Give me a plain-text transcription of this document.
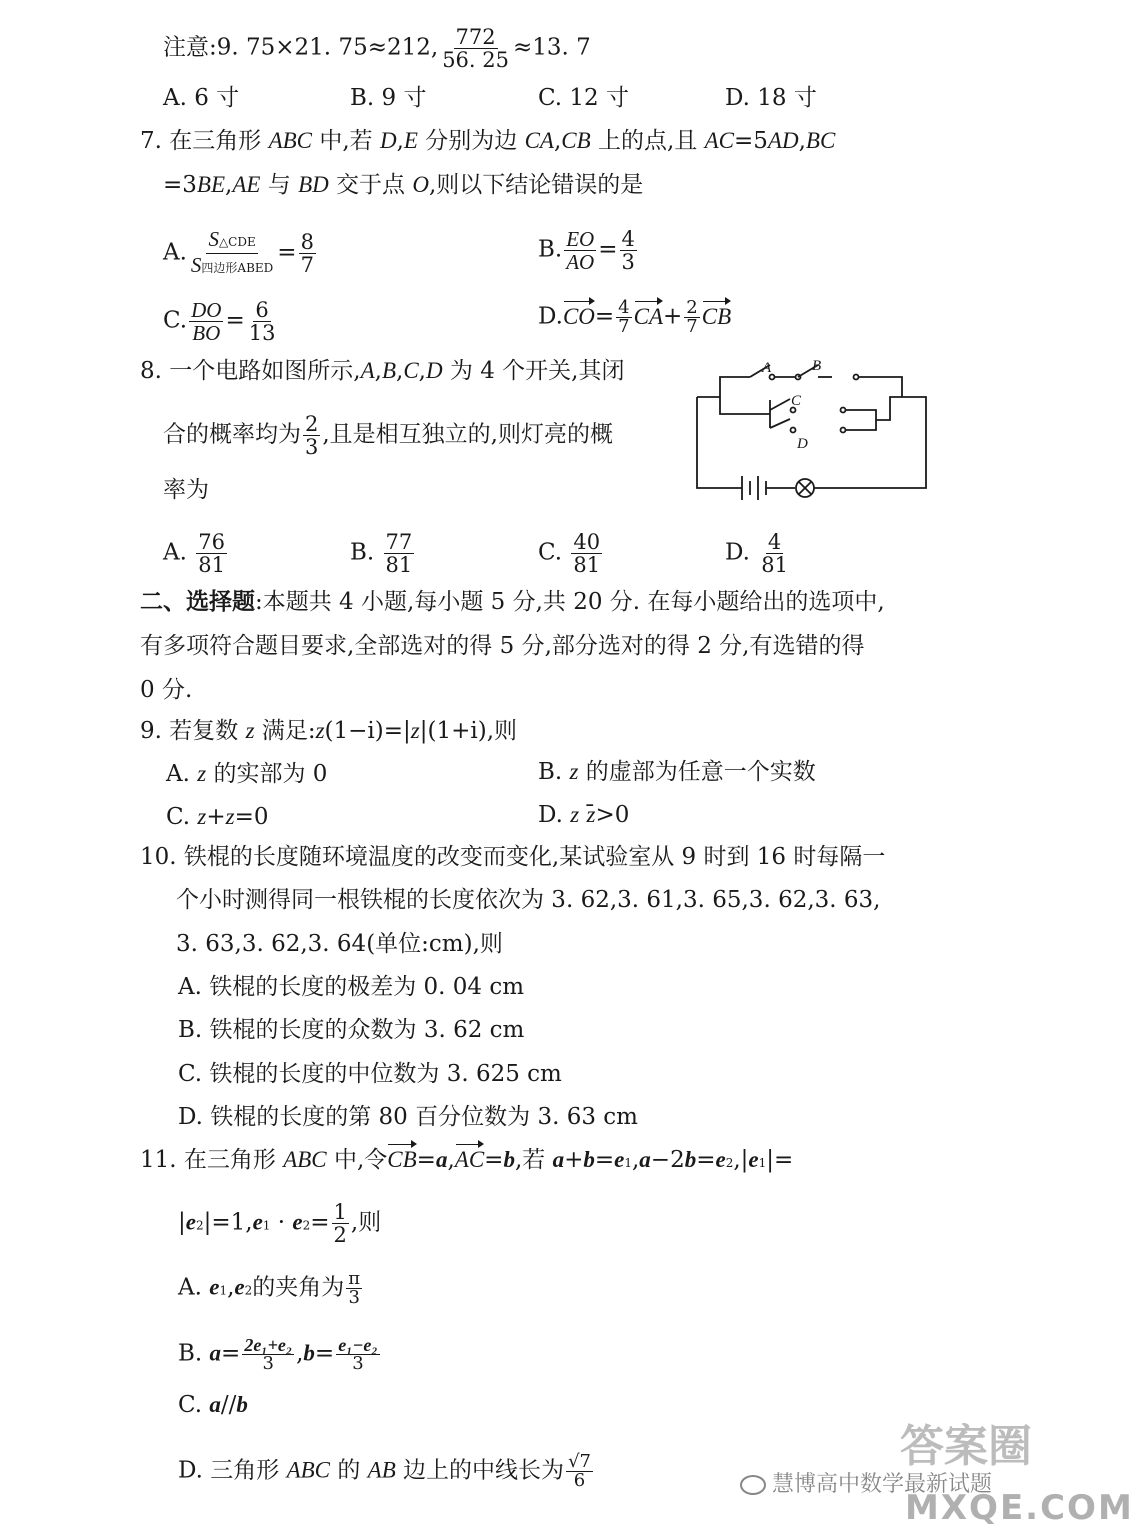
注意:9. 75×21. 75≈212, $\frac{772}{56. 25} \approx 13$. 7
A. 6 寸	B. 9 寸	C. 12 寸	D. 18 寸
7. 在三角形 ABC 中,若 D,E 分别为边 CA,CB 上的点,且 AC=5AD,BC
=3BE,AE 与 BD 交于点 O,则以下结论错误的是
A.
S△CDE
S四边形ABED
= $\frac{8}{7}$	B. $\frac{EO}{AO} = \frac{4}{3}$
C. $\frac{DO}{BO} = \frac{6}{13}$	$D.CO= \frac{4}{7} CA+ \frac{2}{7}$ CB
8. 一个电路如图所示,A,B,C,D 为 4 个开关,其闭
合的概率均为 $\frac{2}{3}$ ,且是相互独立的,则灯亮的概
率为
A	B
C
D
A. $\frac{76}{81}$	B. $\frac{77}{81}$	C. $\frac{40}{81}$	D. $\frac{4}{81}$
二、选择题:本题共 4 小题,每小题 5 分,共 20 分. 在每小题给出的选项中,
有多项符合题目要求,全部选对的得 5 分,部分选对的得 2 分,有选错的得
0 分.
9. 若复数 z 满足:z(1−i)=|z|(1+i),则
A. z 的实部为 0	B. z 的虚部为任意一个实数
C. z+z=0	D. z z>0
10. 铁棍的长度随环境温度的改变而变化,某试验室从 9 时到 16 时每隔一
个小时测得同一根铁棍的长度依次为 3. 62,3. 61,3. 65,3. 62,3. 63,
3. 63,3. 62,3. 64(单位:cm),则
A. 铁棍的长度的极差为 0. 04 cm
B. 铁棍的长度的众数为 3. 62 cm
C. 铁棍的长度的中位数为 3. 625 cm
D. 铁棍的长度的第 80 百分位数为 3. 63 cm
11. 在三角形 ABC 中,令CB=a,AC=b,若 a+b=e1,a−2b=e2,|e1|=
$|e2|=1,e1 \cdot e2= \frac{1}{2}$ ,则
A. e1,e2的夹角为 $\frac{\pi}{3}$
B. $a= \frac{\text{2e₁+e₂}}{3} ,b= \frac{\text{e₁−e₂}}{3}$
C. a//b
D. 三角形 ABC 的 AB 边上的中线长为 $\frac{√7}{6}$	慧博高中数学最新试题
答案圈
MXQE.COM
